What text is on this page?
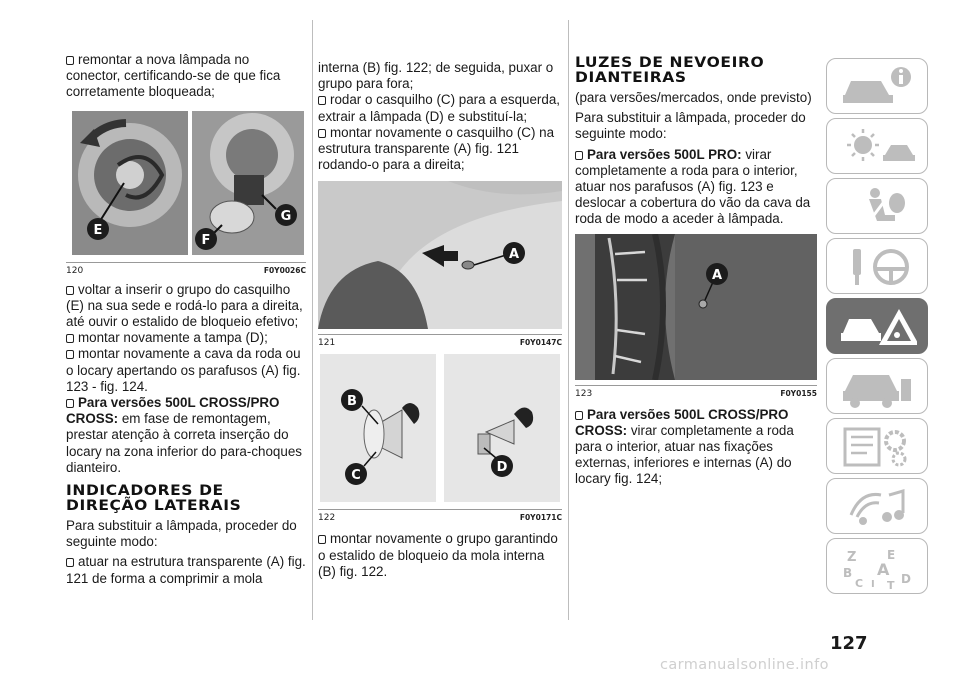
remontar a nova lâmpada no conector, certificando-se de que fica corretamente bloqueada;

E
F
G
120	F0Y0026C

voltar a inserir o grupo do casquilho (E) na sua sede e rodá-lo para a direita, até ouvir o estalido de bloqueio efetivo;

montar novamente a tampa (D);

montar novamente a cava da roda ou o locary apertando os parafusos (A) fig. 123 - fig. 124.

Para versões 500L CROSS/PRO CROSS: em fase de remontagem, prestar atenção à correta inserção do locary na zona inferior do para-choques dianteiro.

INDICADORES DE
DIREÇÃO LATERAIS

Para substituir a lâmpada, proceder do seguinte modo:

atuar na estrutura transparente (A) fig. 121 de forma a comprimir a mola

interna (B) fig. 122; de seguida, puxar o grupo para fora;

rodar o casquilho (C) para a esquerda, extrair a lâmpada (D) e substituí-la;

montar novamente o casquilho (C) na estrutura transparente (A) fig. 121 rodando-o para a direita;

A
121	F0Y0147C
B
C
D
122	F0Y0171C

montar novamente o grupo garantindo o estalido de bloqueio da mola interna (B) fig. 122.

LUZES DE NEVOEIRO
DIANTEIRAS

(para versões/mercados, onde previsto)

Para substituir a lâmpada, proceder do seguinte modo:

Para versões 500L PRO: virar completamente a roda para o interior, atuar nos parafusos (A) fig. 123 e deslocar a cobertura do vão da cava da roda de modo a aceder à lâmpada.

A
123	F0Y0155

Para versões 500L CROSS/PRO CROSS: virar completamente a roda para o interior, atuar nas fixações externas, inferiores e internas (A) do locary fig. 124;

Z	E
A
B
C	D
I T
127
carmanualsonline.info
